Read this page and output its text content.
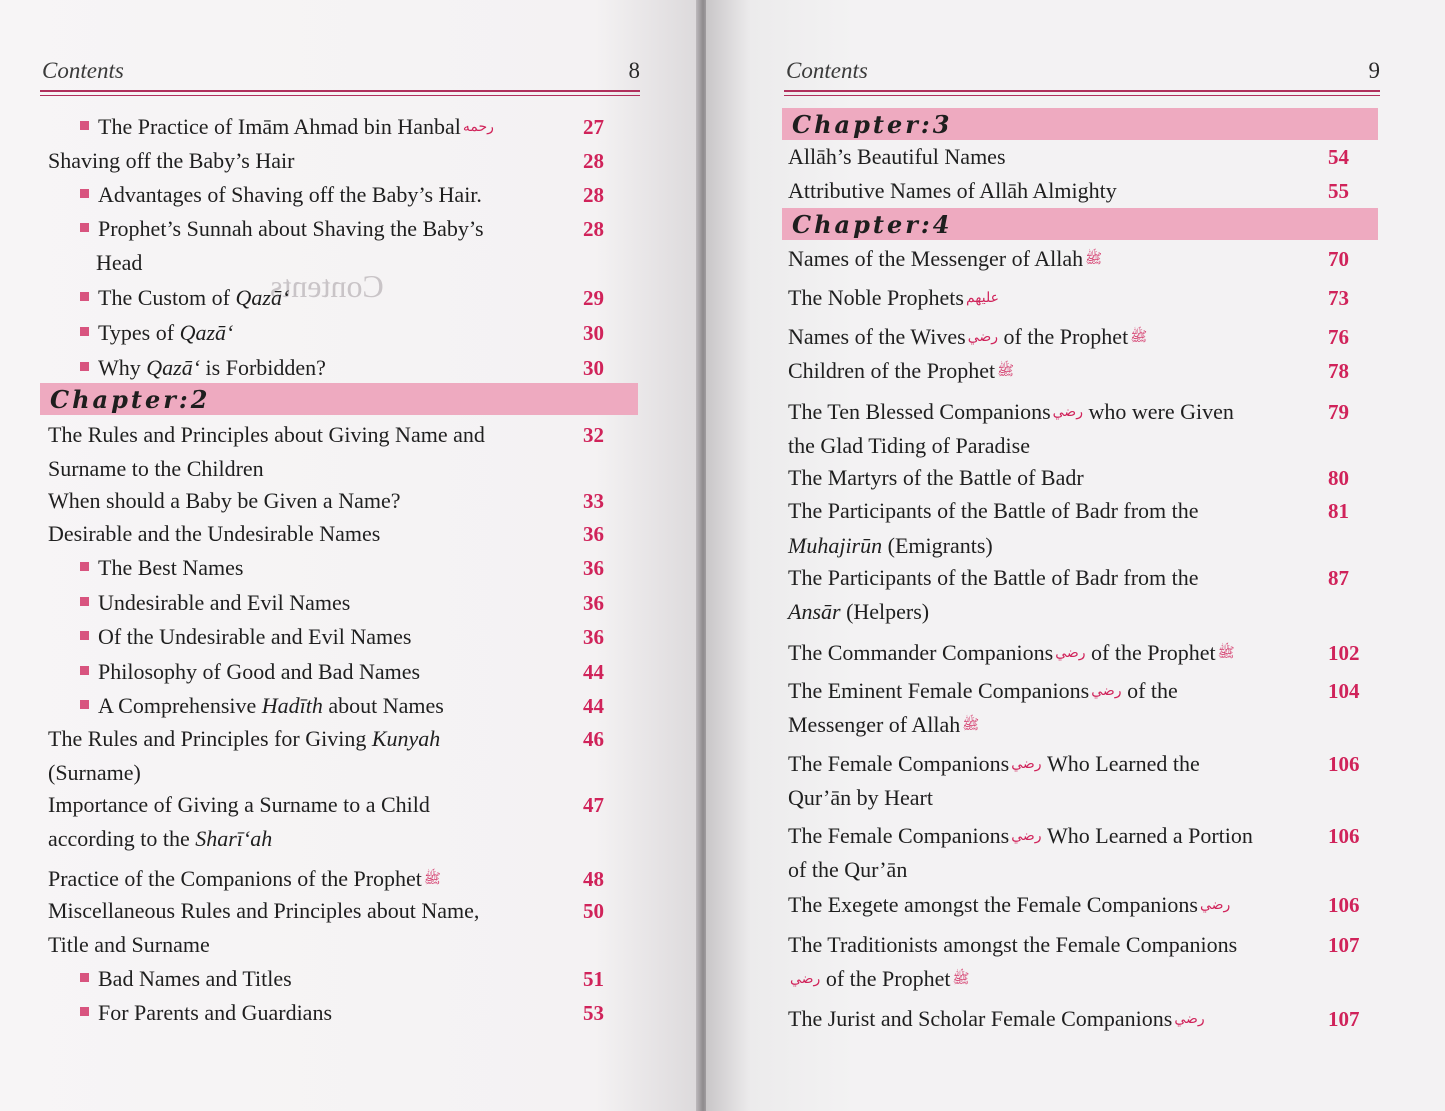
Contents	8
Contents
Chapter:2
The Practice of Imām Ahmad bin Hanbal رحمه	27
Shaving off the Baby’s Hair	28
Advantages of Shaving off the Baby’s Hair.	28
Prophet’s Sunnah about Shaving the Baby’s	28
Head
The Custom of Qazā‘	29
Types of Qazā‘	30
Why Qazā‘ is Forbidden?	30
The Rules and Principles about Giving Name and	32
Surname to the Children
When should a Baby be Given a Name?	33
Desirable and the Undesirable Names	36
The Best Names	36
Undesirable and Evil Names	36
Of the Undesirable and Evil Names	36
Philosophy of Good and Bad Names	44
A Comprehensive Hadīth about Names	44
The Rules and Principles for Giving Kunyah	46
(Surname)
Importance of Giving a Surname to a Child	47
according to the Sharī‘ah
Practice of the Companions of the Prophet ﷺ	48
Miscellaneous Rules and Principles about Name,	50
Title and Surname
Bad Names and Titles	51
For Parents and Guardians	53
Contents	9
Chapter:3
Chapter:4
Allāh’s Beautiful Names	54
Attributive Names of Allāh Almighty	55
Names of the Messenger of Allah ﷺ	70
The Noble Prophets عليهم	73
Names of the Wives رضي of the Prophet ﷺ	76
Children of the Prophet ﷺ	78
The Ten Blessed Companions رضي who were Given	79
the Glad Tiding of Paradise
The Martyrs of the Battle of Badr	80
The Participants of the Battle of Badr from the	81
Muhajirūn (Emigrants)
The Participants of the Battle of Badr from the	87
Ansār (Helpers)
The Commander Companions رضي of the Prophet ﷺ	102
The Eminent Female Companions رضي of the	104
Messenger of Allah ﷺ
The Female Companions رضي Who Learned the	106
Qur’ān by Heart
The Female Companions رضي Who Learned a Portion	106
of the Qur’ān
The Exegete amongst the Female Companions رضي	106
The Traditionists amongst the Female Companions	107
رضي of the Prophet ﷺ
The Jurist and Scholar Female Companions رضي	107
